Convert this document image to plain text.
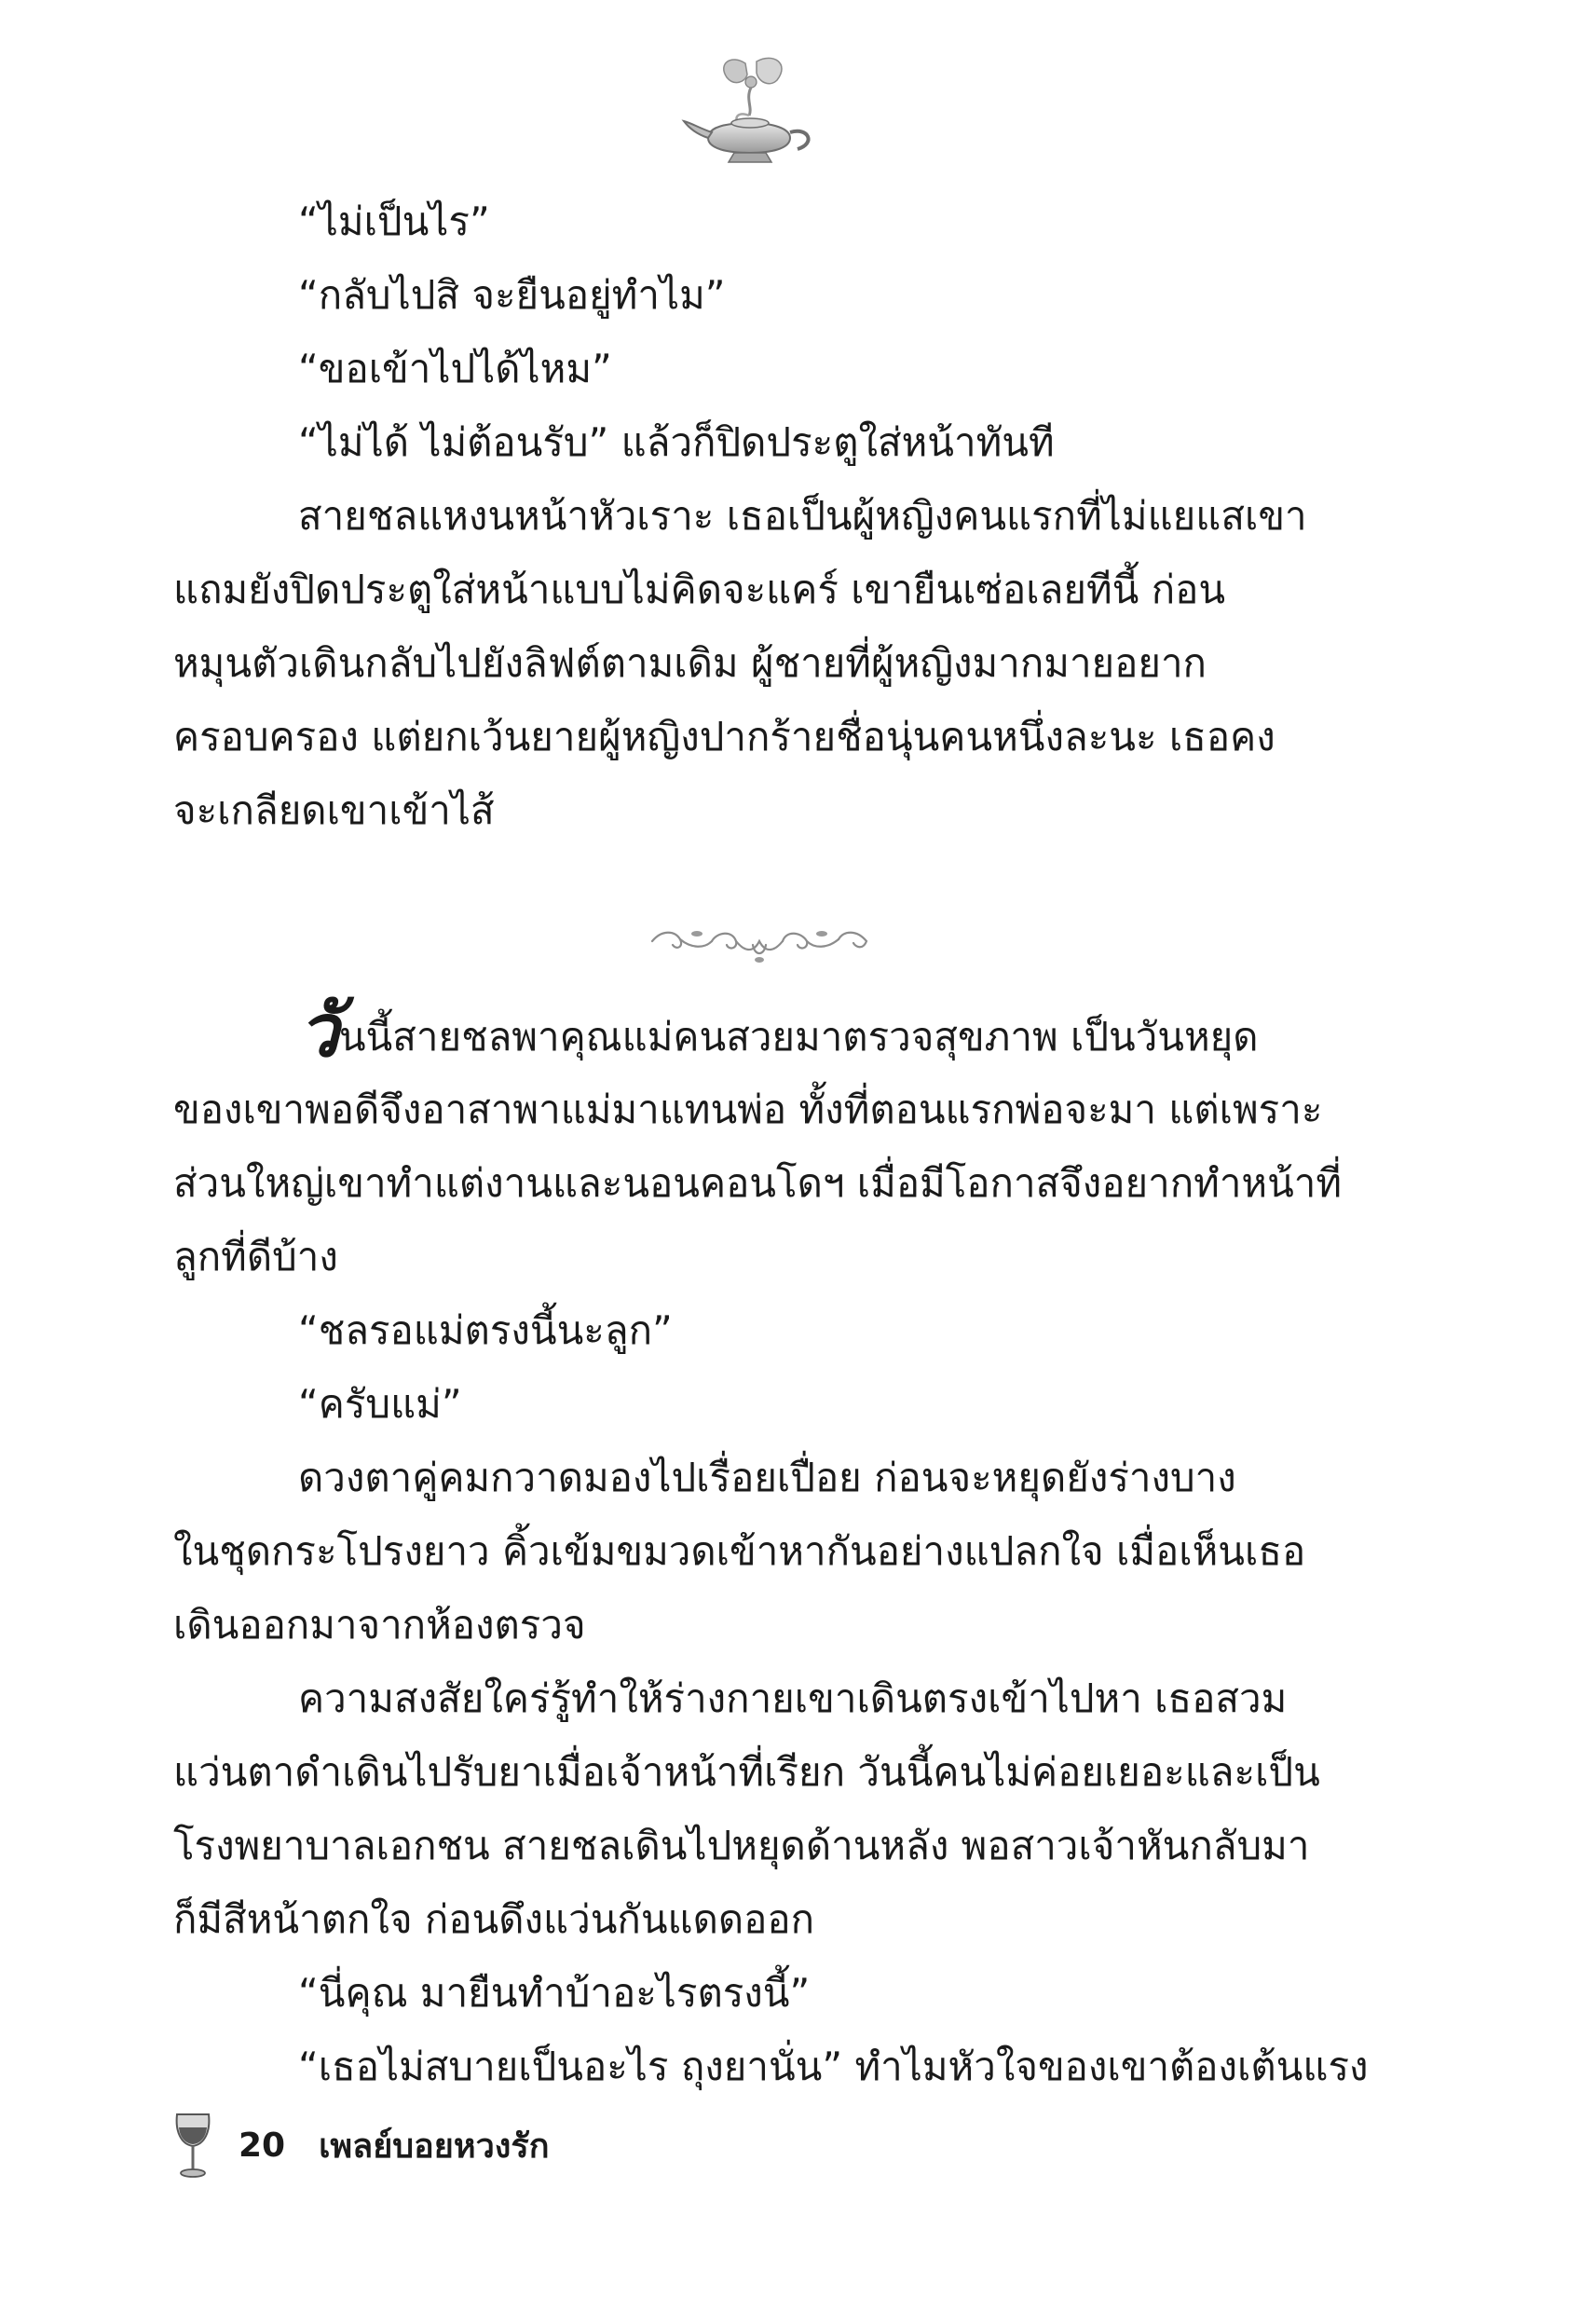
“ไม่เป็นไร”
“กลับไปสิ จะยืนอยู่ทำไม”
“ขอเข้าไปได้ไหม”
“ไม่ได้ ไม่ต้อนรับ” แล้วก็ปิดประตูใส่หน้าทันที
สายชลแหงนหน้าหัวเราะ เธอเป็นผู้หญิงคนแรกที่ไม่แยแสเขา
แถมยังปิดประตูใส่หน้าแบบไม่คิดจะแคร์ เขายืนเซ่อเลยทีนี้ ก่อน
หมุนตัวเดินกลับไปยังลิฟต์ตามเดิม ผู้ชายที่ผู้หญิงมากมายอยาก
ครอบครอง แต่ยกเว้นยายผู้หญิงปากร้ายชื่อนุ่นคนหนึ่งละนะ เธอคง
จะเกลียดเขาเข้าไส้
วันนี้สายชลพาคุณแม่คนสวยมาตรวจสุขภาพ เป็นวันหยุด
ของเขาพอดีจึงอาสาพาแม่มาแทนพ่อ ทั้งที่ตอนแรกพ่อจะมา แต่เพราะ
ส่วนใหญ่เขาทำแต่งานและนอนคอนโดฯ เมื่อมีโอกาสจึงอยากทำหน้าที่
ลูกที่ดีบ้าง
“ชลรอแม่ตรงนี้นะลูก”
“ครับแม่”
ดวงตาคู่คมกวาดมองไปเรื่อยเปื่อย ก่อนจะหยุดยังร่างบาง
ในชุดกระโปรงยาว คิ้วเข้มขมวดเข้าหากันอย่างแปลกใจ เมื่อเห็นเธอ
เดินออกมาจากห้องตรวจ
ความสงสัยใคร่รู้ทำให้ร่างกายเขาเดินตรงเข้าไปหา เธอสวม
แว่นตาดำเดินไปรับยาเมื่อเจ้าหน้าที่เรียก วันนี้คนไม่ค่อยเยอะและเป็น
โรงพยาบาลเอกชน สายชลเดินไปหยุดด้านหลัง พอสาวเจ้าหันกลับมา
ก็มีสีหน้าตกใจ ก่อนดึงแว่นกันแดดออก
“นี่คุณ มายืนทำบ้าอะไรตรงนี้”
“เธอไม่สบายเป็นอะไร ถุงยานั่น” ทำไมหัวใจของเขาต้องเต้นแรง
20 เพลย์บอยหวงรัก
